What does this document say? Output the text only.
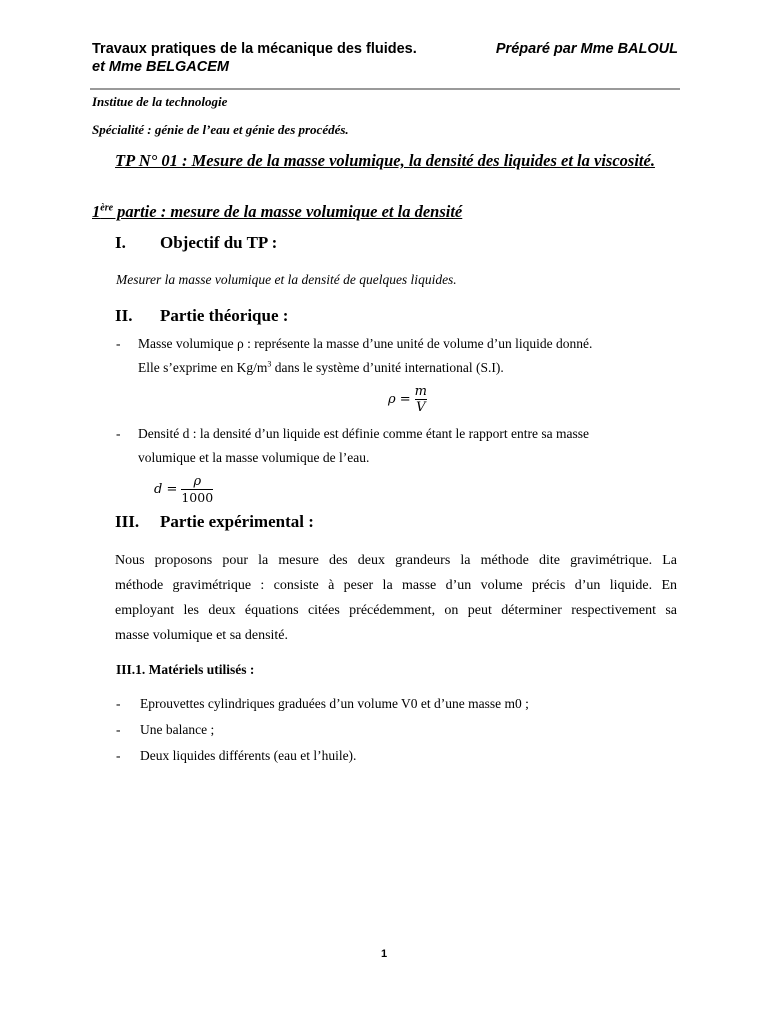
Travaux pratiques de la mécanique des fluides.	Préparé par Mme BALOUL
et Mme BELGACEM
Institue de la technologie
Spécialité : génie de l’eau et génie des procédés.
TP N° 01 : Mesure de la masse volumique, la densité des liquides et la viscosité.
1ère partie : mesure de la masse volumique et la densité
I. Objectif du TP :
Mesurer la masse volumique et la densité de quelques liquides.
II. Partie théorique :
- Masse volumique ρ : représente la masse d’une unité de volume d’un liquide donné.
Elle s’exprime en $Kg/m^3$ dans le système d’unité international (S.I).
$\rho = \frac{m}{V}$
- Densité d : la densité d’un liquide est définie comme étant le rapport entre sa masse
volumique et la masse volumique de l’eau.
$d = \frac{\rho}{1000}$
III. Partie expérimental :
Nous proposons pour la mesure des deux grandeurs la méthode dite gravimétrique. La
méthode gravimétrique : consiste à peser la masse d’un volume précis d’un liquide. En
employant les deux équations citées précédemment, on peut déterminer respectivement sa
masse volumique et sa densité.
III.1. Matériels utilisés :
- Eprouvettes cylindriques graduées d’un volume V0 et d’une masse m0 ;
- Une balance ;
- Deux liquides différents (eau et l’huile).
1
